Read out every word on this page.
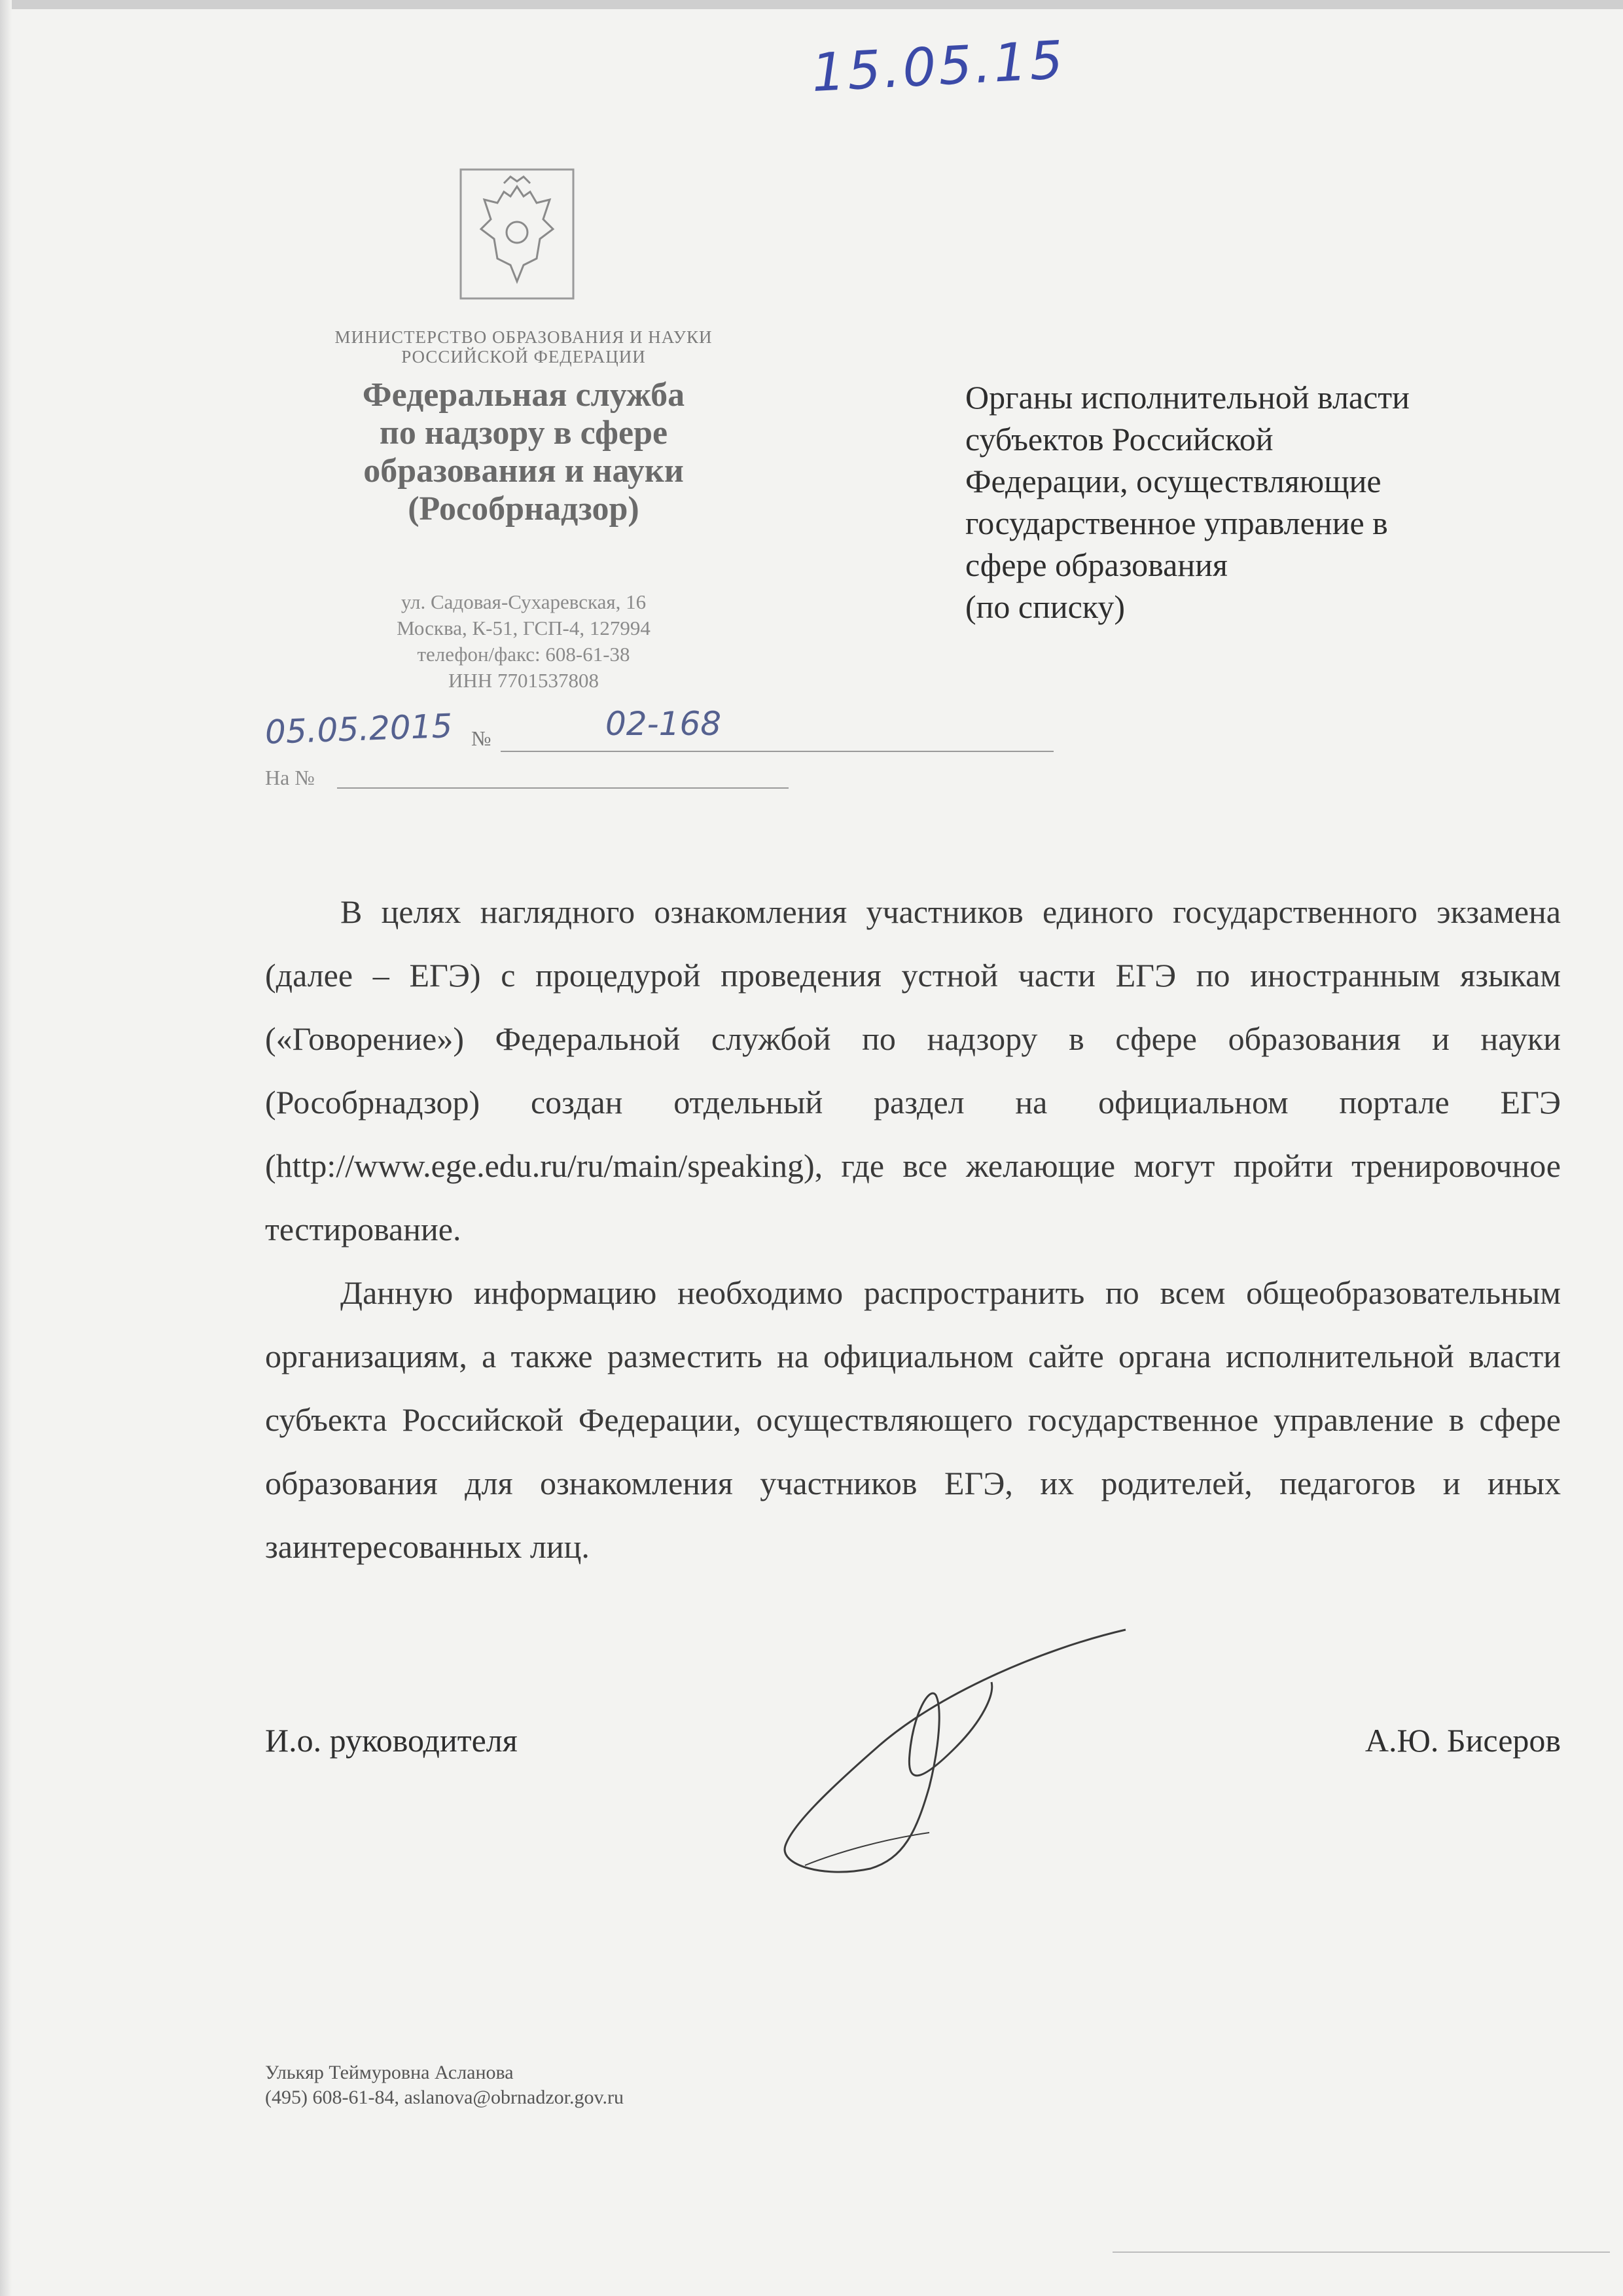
15.05.15
МИНИСТЕРСТВО ОБРАЗОВАНИЯ И НАУКИ
РОССИЙСКОЙ ФЕДЕРАЦИИ
Федеральная служба
по надзору в сфере
образования и науки
(Рособрнадзор)
ул. Садовая-Сухаревская, 16
Москва, К-51, ГСП-4, 127994
телефон/факс: 608-61-38
ИНН 7701537808
05.05.2015 №	02-168
На №
Органы исполнительной власти
субъектов Российской
Федерации, осуществляющие
государственное управление в
сфере образования
(по списку)

В целях наглядного ознакомления участников единого государственного экзамена (далее – ЕГЭ) с процедурой проведения устной части ЕГЭ по иностранным языкам («Говорение») Федеральной службой по надзору в сфере образования и науки (Рособрнадзор) создан отдельный раздел на официальном портале ЕГЭ (http://www.ege.edu.ru/ru/main/speaking), где все желающие могут пройти тренировочное тестирование.

Данную информацию необходимо распространить по всем общеобразовательным организациям, а также разместить на официальном сайте органа исполнительной власти субъекта Российской Федерации, осуществляющего государственное управление в сфере образования для ознакомления участников ЕГЭ, их родителей, педагогов и иных заинтересованных лиц.

И.о. руководителя	А.Ю. Бисеров
Улькяр Теймуровна Асланова
(495) 608-61-84, aslanova@obrnadzor.gov.ru
